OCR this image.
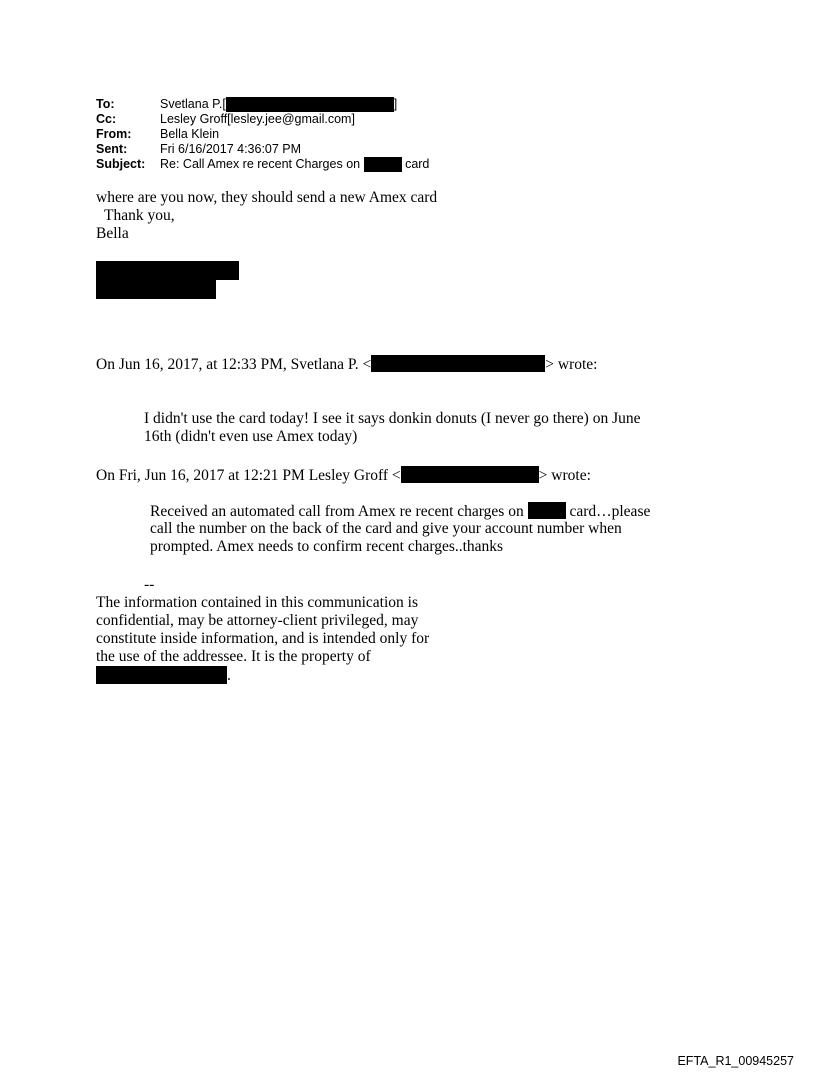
To:	Svetlana P.[	]
Cc:	Lesley Groff[lesley.jee@gmail.com]
From:	Bella Klein
Sent:	Fri 6/16/2017 4:36:07 PM
Subject:	Re: Call Amex re recent Charges on

	card
where are you now, they should send a new Amex card
Thank you,
Bella
On Jun 16, 2017, at 12:33 PM, Svetlana P. <	> wrote:
I didn't use the card today! I see it says donkin donuts (I never go there) on June
16th (didn't even use Amex today)
On Fri, Jun 16, 2017 at 12:21 PM Lesley Groff <	> wrote:
Received an automated call from Amex re recent charges on	card…please
call the number on the back of the card and give your account number when
prompted. Amex needs to confirm recent charges..thanks
--
The information contained in this communication is
confidential, may be attorney-client privileged, may
constitute inside information, and is intended only for
the use of the addressee. It is the property of
.
EFTA_R1_00945257
